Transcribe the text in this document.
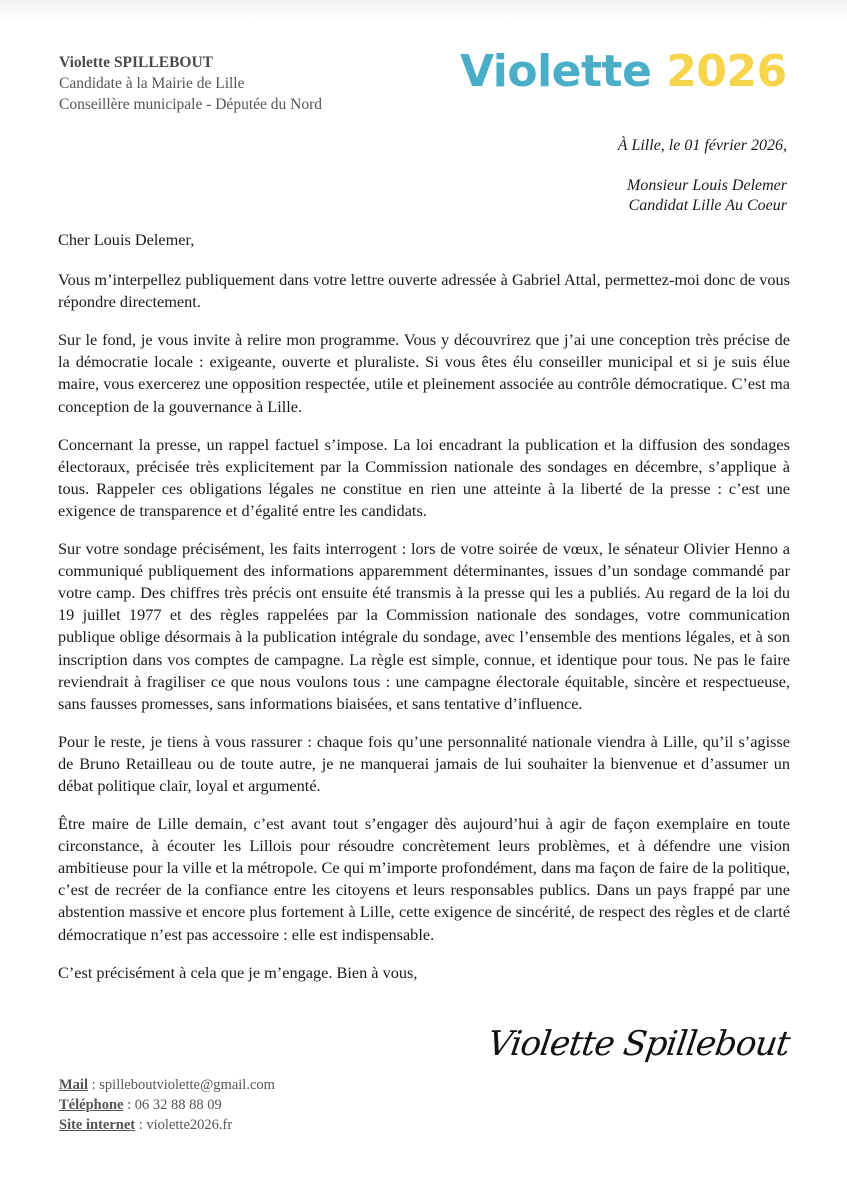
Violette SPILLEBOUT
Candidate à la Mairie de Lille
Conseillère municipale - Députée du Nord
Violette 2026
À Lille, le 01 février 2026,
Monsieur Louis Delemer
Candidat Lille Au Coeur

Cher Louis Delemer,

Vous m’interpellez publiquement dans votre lettre ouverte adressée à Gabriel Attal, permettez-moi donc de vous répondre directement.

Sur le fond, je vous invite à relire mon programme. Vous y découvrirez que j’ai une conception très précise de la démocratie locale : exigeante, ouverte et pluraliste. Si vous êtes élu conseiller municipal et si je suis élue maire, vous exercerez une opposition respectée, utile et pleinement associée au contrôle démocratique. C’est ma conception de la gouvernance à Lille.

Concernant la presse, un rappel factuel s’impose. La loi encadrant la publication et la diffusion des sondages électoraux, précisée très explicitement par la Commission nationale des sondages en décembre, s’applique à tous. Rappeler ces obligations légales ne constitue en rien une atteinte à la liberté de la presse : c’est une exigence de transparence et d’égalité entre les candidats.

Sur votre sondage précisément, les faits interrogent : lors de votre soirée de vœux, le sénateur Olivier Henno a communiqué publiquement des informations apparemment déterminantes, issues d’un sondage commandé par votre camp. Des chiffres très précis ont ensuite été transmis à la presse qui les a publiés. Au regard de la loi du 19 juillet 1977 et des règles rappelées par la Commission nationale des sondages, votre communication publique oblige désormais à la publication intégrale du sondage, avec l’ensemble des mentions légales, et à son inscription dans vos comptes de campagne. La règle est simple, connue, et identique pour tous. Ne pas le faire reviendrait à fragiliser ce que nous voulons tous : une campagne électorale équitable, sincère et respectueuse, sans fausses promesses, sans informations biaisées, et sans tentative d’influence.

Pour le reste, je tiens à vous rassurer : chaque fois qu’une personnalité nationale viendra à Lille, qu’il s’agisse de Bruno Retailleau ou de toute autre, je ne manquerai jamais de lui souhaiter la bienvenue et d’assumer un débat politique clair, loyal et argumenté.

Être maire de Lille demain, c’est avant tout s’engager dès aujourd’hui à agir de façon exemplaire en toute circonstance, à écouter les Lillois pour résoudre concrètement leurs problèmes, et à défendre une vision ambitieuse pour la ville et la métropole. Ce qui m’importe profondément, dans ma façon de faire de la politique, c’est de recréer de la confiance entre les citoyens et leurs responsables publics. Dans un pays frappé par une abstention massive et encore plus fortement à Lille, cette exigence de sincérité, de respect des règles et de clarté démocratique n’est pas accessoire : elle est indispensable.

C’est précisément à cela que je m’engage. Bien à vous,

Violette Spillebout
Mail : spilleboutviolette@gmail.com
Téléphone : 06 32 88 88 09
Site internet : violette2026.fr
